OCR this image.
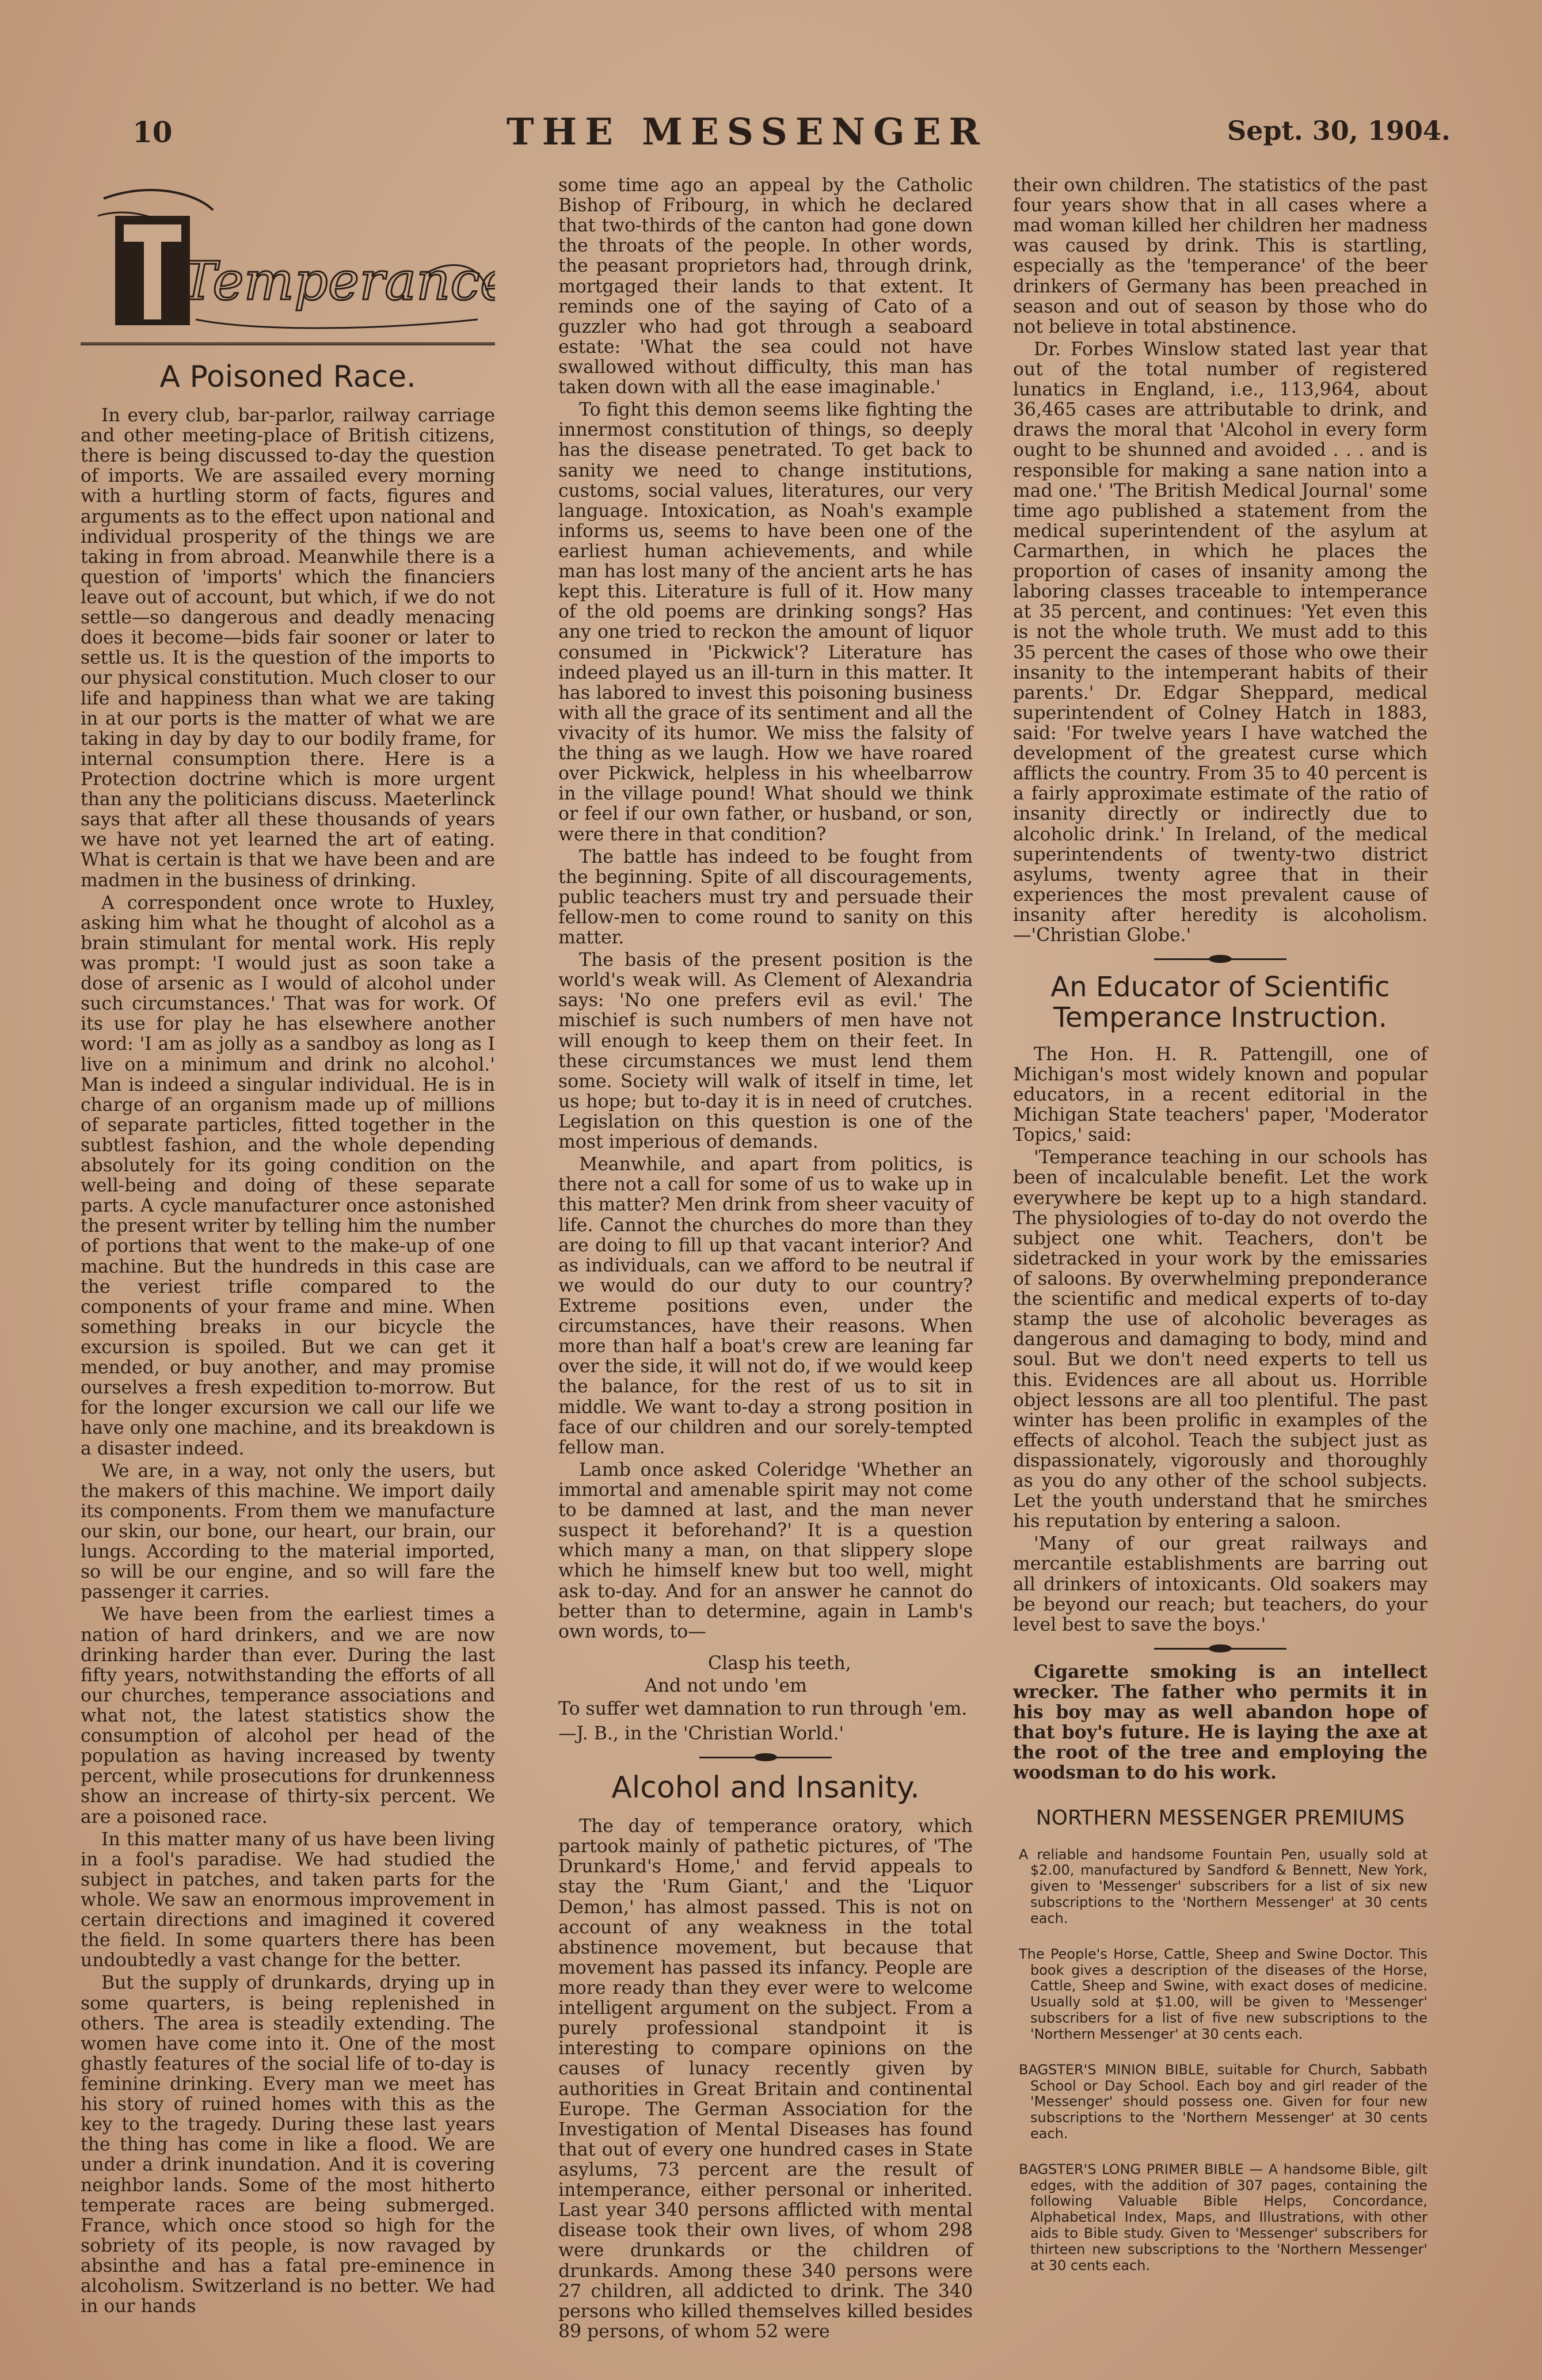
10	THE MESSENGER	Sept. 30, 1904.
Temperance
A Poisoned Race.

In every club, bar-parlor, railway carriage and other meeting-place of British citizens, there is being discussed to-day the question of imports. We are assailed every morning with a hurtling storm of facts, figures and arguments as to the effect upon national and individual prosperity of the things we are taking in from abroad. Meanwhile there is a question of 'imports' which the financiers leave out of account, but which, if we do not settle—so dangerous and deadly menacing does it become—bids fair sooner or later to settle us. It is the question of the imports to our physical constitution. Much closer to our life and happiness than what we are taking in at our ports is the matter of what we are taking in day by day to our bodily frame, for internal consumption there. Here is a Protection doctrine which is more urgent than any the politicians discuss. Maeterlinck says that after all these thousands of years we have not yet learned the art of eating. What is certain is that we have been and are madmen in the business of drinking.

A correspondent once wrote to Huxley, asking him what he thought of alcohol as a brain stimulant for mental work. His reply was prompt: 'I would just as soon take a dose of arsenic as I would of alcohol under such circumstances.' That was for work. Of its use for play he has elsewhere another word: 'I am as jolly as a sandboy as long as I live on a minimum and drink no alcohol.' Man is indeed a singular individual. He is in charge of an organism made up of millions of separate particles, fitted together in the subtlest fashion, and the whole depending absolutely for its going condition on the well-being and doing of these separate parts. A cycle manufacturer once astonished the present writer by telling him the number of portions that went to the make-up of one machine. But the hundreds in this case are the veriest trifle compared to the components of your frame and mine. When something breaks in our bicycle the excursion is spoiled. But we can get it mended, or buy another, and may promise ourselves a fresh expedition to-morrow. But for the longer excursion we call our life we have only one machine, and its breakdown is a disaster indeed.

We are, in a way, not only the users, but the makers of this machine. We import daily its components. From them we manufacture our skin, our bone, our heart, our brain, our lungs. According to the material imported, so will be our engine, and so will fare the passenger it carries.

We have been from the earliest times a nation of hard drinkers, and we are now drinking harder than ever. During the last fifty years, notwithstanding the efforts of all our churches, temperance associations and what not, the latest statistics show the consumption of alcohol per head of the population as having increased by twenty percent, while prosecutions for drunkenness show an increase of thirty-six percent. We are a poisoned race.

In this matter many of us have been living in a fool's paradise. We had studied the subject in patches, and taken parts for the whole. We saw an enormous improvement in certain directions and imagined it covered the field. In some quarters there has been undoubtedly a vast change for the better.

But the supply of drunkards, drying up in some quarters, is being replenished in others. The area is steadily extending. The women have come into it. One of the most ghastly features of the social life of to-day is feminine drinking. Every man we meet has his story of ruined homes with this as the key to the tragedy. During these last years the thing has come in like a flood. We are under a drink inundation. And it is covering neighbor lands. Some of the most hitherto temperate races are being submerged. France, which once stood so high for the sobriety of its people, is now ravaged by absinthe and has a fatal pre-eminence in alcoholism. Switzerland is no better. We had in our hands

some time ago an appeal by the Catholic Bishop of Fribourg, in which he declared that two-thirds of the canton had gone down the throats of the people. In other words, the peasant proprietors had, through drink, mortgaged their lands to that extent. It reminds one of the saying of Cato of a guzzler who had got through a seaboard estate: 'What the sea could not have swallowed without difficulty, this man has taken down with all the ease imaginable.'

To fight this demon seems like fighting the innermost constitution of things, so deeply has the disease penetrated. To get back to sanity we need to change institutions, customs, social values, literatures, our very language. Intoxication, as Noah's example informs us, seems to have been one of the earliest human achievements, and while man has lost many of the ancient arts he has kept this. Literature is full of it. How many of the old poems are drinking songs? Has any one tried to reckon the amount of liquor consumed in 'Pickwick'? Literature has indeed played us an ill-turn in this matter. It has labored to invest this poisoning business with all the grace of its sentiment and all the vivacity of its humor. We miss the falsity of the thing as we laugh. How we have roared over Pickwick, helpless in his wheelbarrow in the village pound! What should we think or feel if our own father, or husband, or son, were there in that condition?

The battle has indeed to be fought from the beginning. Spite of all discouragements, public teachers must try and persuade their fellow-men to come round to sanity on this matter.

The basis of the present position is the world's weak will. As Clement of Alexandria says: 'No one prefers evil as evil.' The mischief is such numbers of men have not will enough to keep them on their feet. In these circumstances we must lend them some. Society will walk of itself in time, let us hope; but to-day it is in need of crutches. Legislation on this question is one of the most imperious of demands.

Meanwhile, and apart from politics, is there not a call for some of us to wake up in this matter? Men drink from sheer vacuity of life. Cannot the churches do more than they are doing to fill up that vacant interior? And as individuals, can we afford to be neutral if we would do our duty to our country? Extreme positions even, under the circumstances, have their reasons. When more than half a boat's crew are leaning far over the side, it will not do, if we would keep the balance, for the rest of us to sit in middle. We want to-day a strong position in face of our children and our sorely-tempted fellow man.

Lamb once asked Coleridge 'Whether an immortal and amenable spirit may not come to be damned at last, and the man never suspect it beforehand?' It is a question which many a man, on that slippery slope which he himself knew but too well, might ask to-day. And for an answer he cannot do better than to determine, again in Lamb's own words, to—

Clasp his teeth,
And not undo 'em
To suffer wet damnation to run through 'em.

—J. B., in the 'Christian World.'

Alcohol and Insanity.

The day of temperance oratory, which partook mainly of pathetic pictures, of 'The Drunkard's Home,' and fervid appeals to stay the 'Rum Giant,' and the 'Liquor Demon,' has almost passed. This is not on account of any weakness in the total abstinence movement, but because that movement has passed its infancy. People are more ready than they ever were to welcome intelligent argument on the subject. From a purely professional standpoint it is interesting to compare opinions on the causes of lunacy recently given by authorities in Great Britain and continental Europe. The German Association for the Investigation of Mental Diseases has found that out of every one hundred cases in State asylums, 73 percent are the result of intemperance, either personal or inherited. Last year 340 persons afflicted with mental disease took their own lives, of whom 298 were drunkards or the children of drunkards. Among these 340 persons were 27 children, all addicted to drink. The 340 persons who killed themselves killed besides 89 persons, of whom 52 were

their own children. The statistics of the past four years show that in all cases where a mad woman killed her children her madness was caused by drink. This is startling, especially as the 'temperance' of the beer drinkers of Germany has been preached in season and out of season by those who do not believe in total abstinence.

Dr. Forbes Winslow stated last year that out of the total number of registered lunatics in England, i.e., 113,964, about 36,465 cases are attributable to drink, and draws the moral that 'Alcohol in every form ought to be shunned and avoided . . . and is responsible for making a sane nation into a mad one.' 'The British Medical Journal' some time ago published a statement from the medical superintendent of the asylum at Carmarthen, in which he places the proportion of cases of insanity among the laboring classes traceable to intemperance at 35 percent, and continues: 'Yet even this is not the whole truth. We must add to this 35 percent the cases of those who owe their insanity to the intemperant habits of their parents.' Dr. Edgar Sheppard, medical superintendent of Colney Hatch in 1883, said: 'For twelve years I have watched the development of the greatest curse which afflicts the country. From 35 to 40 percent is a fairly approximate estimate of the ratio of insanity directly or indirectly due to alcoholic drink.' In Ireland, of the medical superintendents of twenty-two district asylums, twenty agree that in their experiences the most prevalent cause of insanity after heredity is alcoholism.—'Christian Globe.'

An Educator of Scientific Temperance Instruction.

The Hon. H. R. Pattengill, one of Michigan's most widely known and popular educators, in a recent editorial in the Michigan State teachers' paper, 'Moderator Topics,' said:

'Temperance teaching in our schools has been of incalculable benefit. Let the work everywhere be kept up to a high standard. The physiologies of to-day do not overdo the subject one whit. Teachers, don't be sidetracked in your work by the emissaries of saloons. By overwhelming preponderance the scientific and medical experts of to-day stamp the use of alcoholic beverages as dangerous and damaging to body, mind and soul. But we don't need experts to tell us this. Evidences are all about us. Horrible object lessons are all too plentiful. The past winter has been prolific in examples of the effects of alcohol. Teach the subject just as dispassionately, vigorously and thoroughly as you do any other of the school subjects. Let the youth understand that he smirches his reputation by entering a saloon.

'Many of our great railways and mercantile establishments are barring out all drinkers of intoxicants. Old soakers may be beyond our reach; but teachers, do your level best to save the boys.'

Cigarette smoking is an intellect wrecker. The father who permits it in his boy may as well abandon hope of that boy's future. He is laying the axe at the root of the tree and employing the woodsman to do his work.

NORTHERN MESSENGER PREMIUMS

A reliable and handsome Fountain Pen, usually sold at $2.00, manufactured by Sandford & Bennett, New York, given to 'Messenger' subscribers for a list of six new subscriptions to the 'Northern Messenger' at 30 cents each.

The People's Horse, Cattle, Sheep and Swine Doctor. This book gives a description of the diseases of the Horse, Cattle, Sheep and Swine, with exact doses of medicine. Usually sold at $1.00, will be given to 'Messenger' subscribers for a list of five new subscriptions to the 'Northern Messenger' at 30 cents each.

BAGSTER'S MINION BIBLE, suitable for Church, Sabbath School or Day School. Each boy and girl reader of the 'Messenger' should possess one. Given for four new subscriptions to the 'Northern Messenger' at 30 cents each.

BAGSTER'S LONG PRIMER BIBLE — A handsome Bible, gilt edges, with the addition of 307 pages, containing the following Valuable Bible Helps, Concordance, Alphabetical Index, Maps, and Illustrations, with other aids to Bible study. Given to 'Messenger' subscribers for thirteen new subscriptions to the 'Northern Messenger' at 30 cents each.
